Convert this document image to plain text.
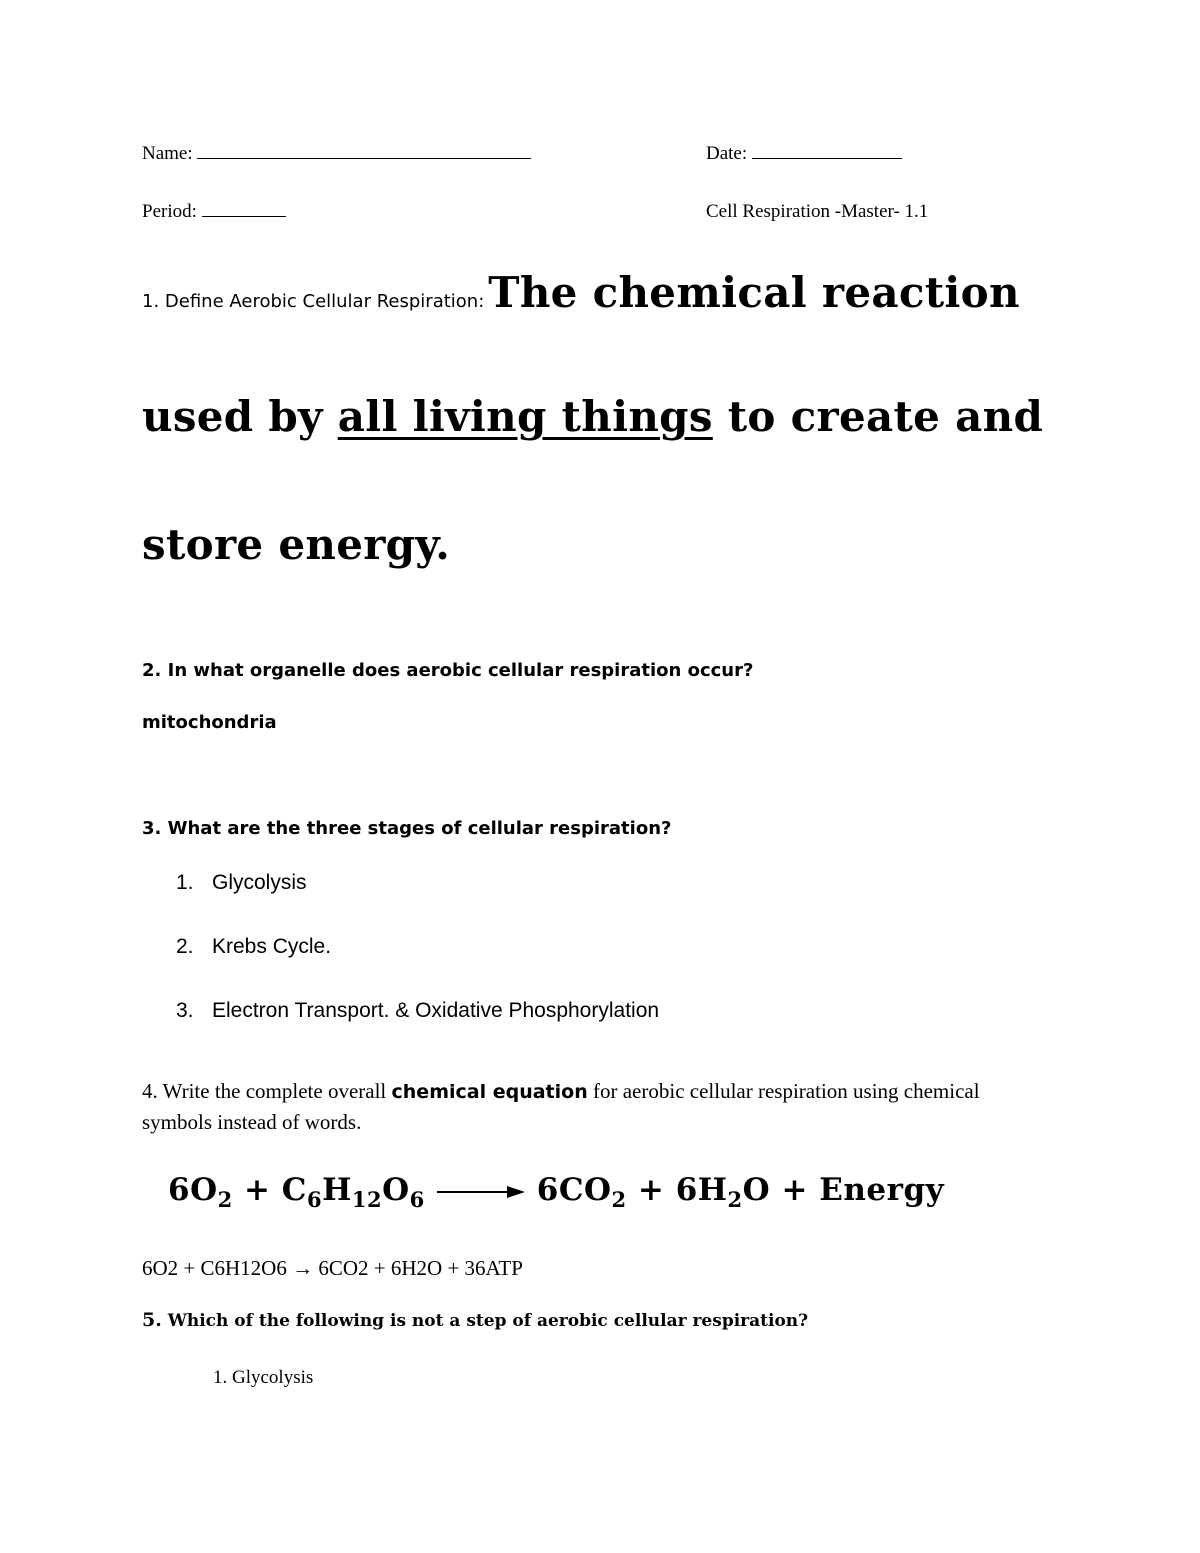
Name:	Date:
Period:	Cell Respiration -Master- 1.1
1. Define Aerobic Cellular Respiration: The chemical reaction
used by all living things to create and
store energy.
2. In what organelle does aerobic cellular respiration occur?
mitochondria
3. What are the three stages of cellular respiration?
1. Glycolysis
2. Krebs Cycle.
3. Electron Transport. & Oxidative Phosphorylation
4. Write the complete overall chemical equation for aerobic cellular respiration using chemical
symbols instead of words.
$6O_2 + C_6H_{12}O_6$	$6CO_2 + 6H_2O$ + Energy
6O2 + C6H12O6 → 6CO2 + 6H2O + 36ATP
5. Which of the following is not a step of aerobic cellular respiration?
1. Glycolysis
